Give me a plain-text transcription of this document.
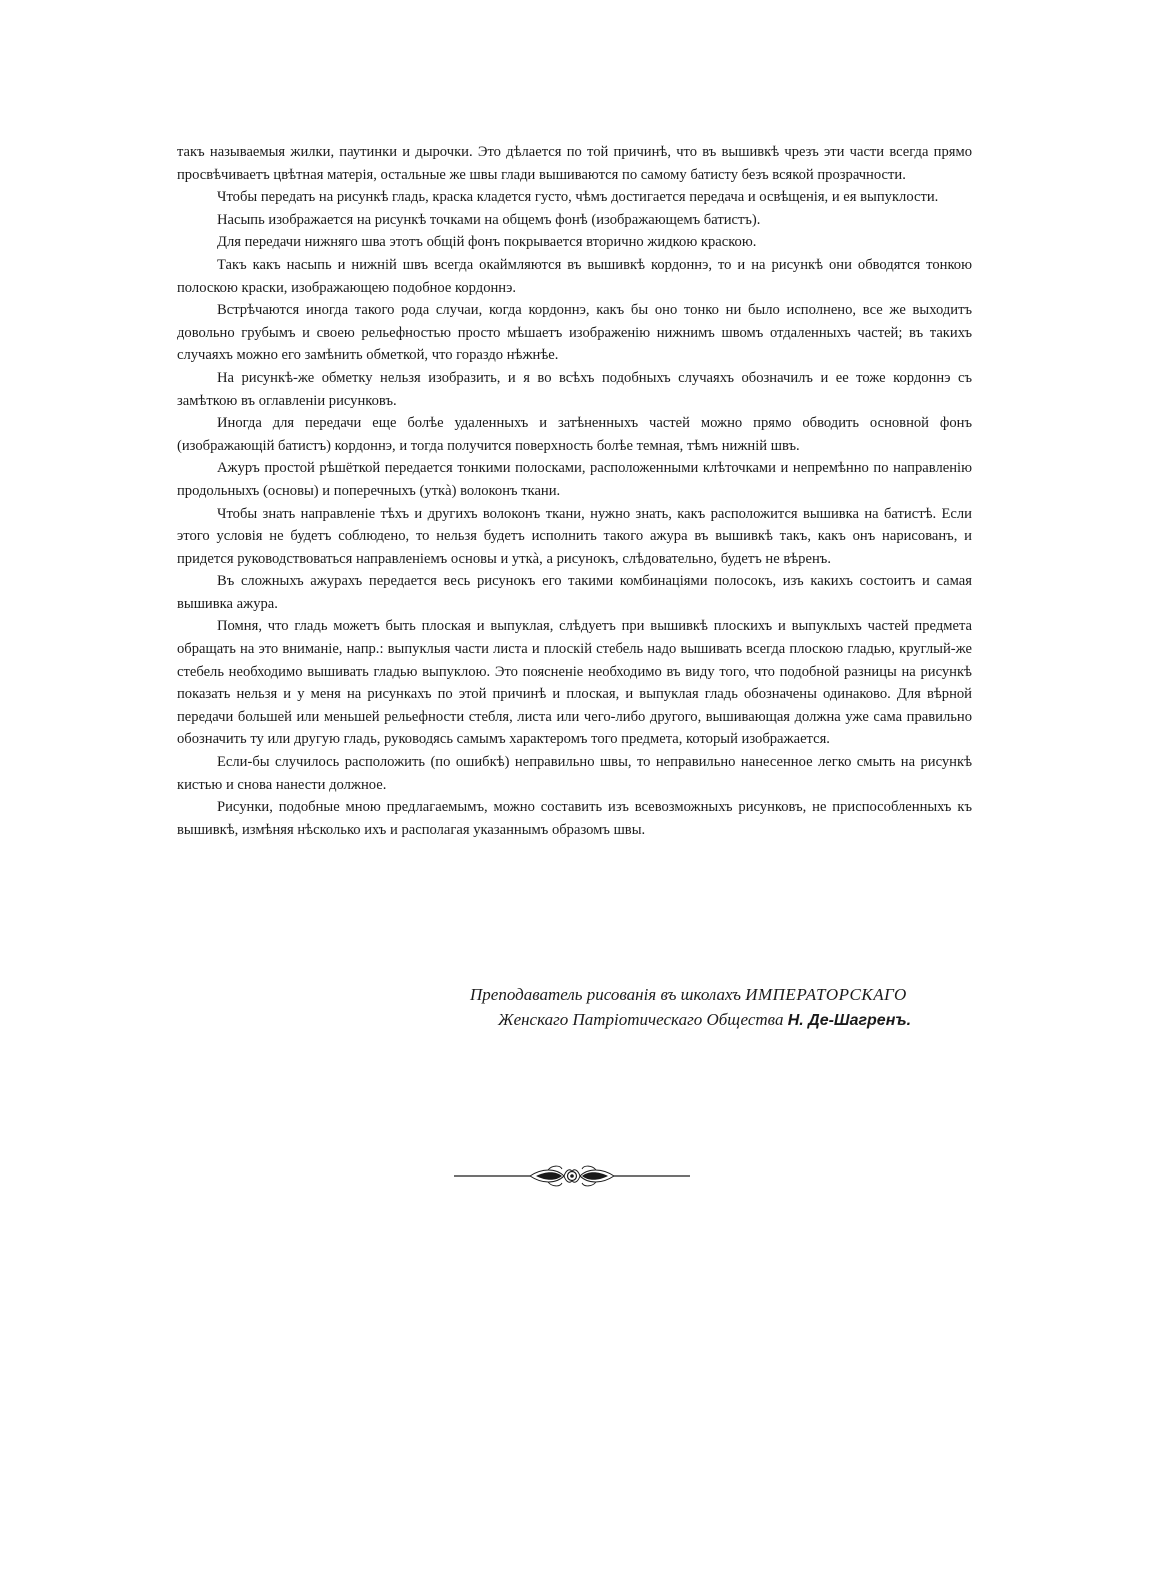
такъ называемыя жилки, паутинки и дырочки. Это дѣлается по той причинѣ, что въ вышивкѣ чрезъ эти части всегда прямо просвѣчиваетъ цвѣтная матерія, остальные же швы глади вышиваются по самому батисту безъ всякой прозрачности.

Чтобы передать на рисункѣ гладь, краска кладется густо, чѣмъ достигается передача и освѣщенія, и ея выпуклости.

Насыпь изображается на рисункѣ точками на общемъ фонѣ (изображающемъ батистъ).

Для передачи нижняго шва этотъ общій фонъ покрывается вторично жидкою краскою.

Такъ какъ насыпь и нижній швъ всегда окаймляются въ вышивкѣ кордоннэ, то и на рисункѣ они обводятся тонкою полоскою краски, изображающею подобное кордоннэ.

Встрѣчаются иногда такого рода случаи, когда кордоннэ, какъ бы оно тонко ни было исполнено, все же выходитъ довольно грубымъ и своею рельефностью просто мѣшаетъ изображенію нижнимъ швомъ отдаленныхъ частей; въ такихъ случаяхъ можно его замѣнить обметкой, что гораздо нѣжнѣе.

На рисункѣ-же обметку нельзя изобразить, и я во всѣхъ подобныхъ случаяхъ обозначилъ и ее тоже кордоннэ съ замѣткою въ оглавленіи рисунковъ.

Иногда для передачи еще болѣе удаленныхъ и затѣненныхъ частей можно прямо обводить основной фонъ (изображающій батистъ) кордоннэ, и тогда получится поверхность болѣе темная, тѣмъ нижній швъ.

Ажуръ простой рѣшёткой передается тонкими полосками, расположенными клѣточками и непремѣнно по направленію продольныхъ (основы) и поперечныхъ (уткà) волоконъ ткани.

Чтобы знать направленіе тѣхъ и другихъ волоконъ ткани, нужно знать, какъ расположится вышивка на батистѣ. Если этого условія не будетъ соблюдено, то нельзя будетъ исполнить такого ажура въ вышивкѣ такъ, какъ онъ нарисованъ, и придется руководствоваться направленіемъ основы и уткà, а рисунокъ, слѣдовательно, будетъ не вѣренъ.

Въ сложныхъ ажурахъ передается весь рисунокъ его такими комбинаціями полосокъ, изъ какихъ состоитъ и самая вышивка ажура.

Помня, что гладь можетъ быть плоская и выпуклая, слѣдуетъ при вышивкѣ плоскихъ и выпуклыхъ частей предмета обращать на это вниманіе, напр.: выпуклыя части листа и плоскій стебель надо вышивать всегда плоскою гладью, круглый-же стебель необходимо вышивать гладью выпуклою. Это поясненіе необходимо въ виду того, что подобной разницы на рисункѣ показать нельзя и у меня на рисункахъ по этой причинѣ и плоская, и выпуклая гладь обозначены одинаково. Для вѣрной передачи большей или меньшей рельефности стебля, листа или чего-либо другого, вышивающая должна уже сама правильно обозначить ту или другую гладь, руководясь самымъ характеромъ того предмета, который изображается.

Если-бы случилось расположить (по ошибкѣ) неправильно швы, то неправильно нанесенное легко смыть на рисункѣ кистью и снова нанести должное.

Рисунки, подобные мною предлагаемымъ, можно составить изъ всевозможныхъ рисунковъ, не приспособленныхъ къ вышивкѣ, измѣняя нѣсколько ихъ и располагая указаннымъ образомъ швы.

Преподаватель рисованія въ школахъ ИМПЕРАТОРСКАГО
Женскаго Патріотическаго Общества Н. Де-Шагренъ.
